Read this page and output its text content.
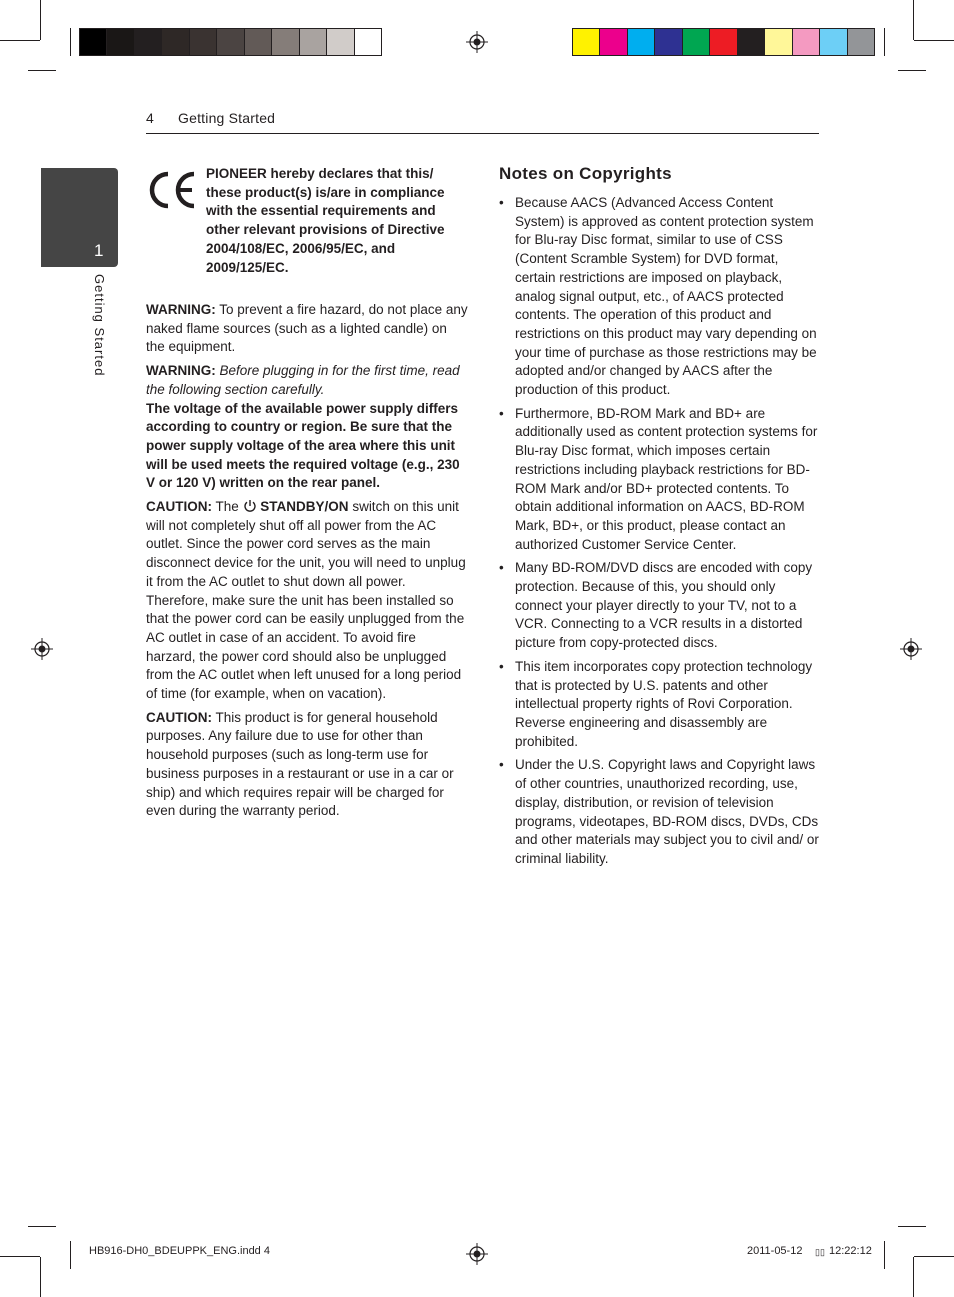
4 Getting Started
1
Getting Started
PIONEER hereby declares that this/ these product(s) is/are in compliance with the essential requirements and other relevant provisions of Directive 2004/108/EC, 2006/95/EC, and 2009/125/EC.

WARNING: To prevent a fire hazard, do not place any naked flame sources (such as a lighted candle) on the equipment.

WARNING: Before plugging in for the first time, read the following section carefully.

The voltage of the available power supply differs according to country or region. Be sure that the power supply voltage of the area where this unit will be used meets the required voltage (e.g., 230 V or 120 V) written on the rear panel.

CAUTION: The  STANDBY/ON switch on this unit will not completely shut off all power from the AC outlet. Since the power cord serves as the main disconnect device for the unit, you will need to unplug it from the AC outlet to shut down all power. Therefore, make sure the unit has been installed so that the power cord can be easily unplugged from the AC outlet in case of an accident. To avoid fire harzard, the power cord should also be unplugged from the AC outlet when left unused for a long period of time (for example, when on vacation).

CAUTION: This product is for general household purposes. Any failure due to use for other than household purposes (such as long-term use for business purposes in a restaurant or use in a car or ship) and which requires repair will be charged for even during the warranty period.

Notes on Copyrights
• Because AACS (Advanced Access Content System) is approved as content protection system for Blu-ray Disc format, similar to use of CSS (Content Scramble System) for DVD format, certain restrictions are imposed on playback, analog signal output, etc., of AACS protected contents. The operation of this product and restrictions on this product may vary depending on your time of purchase as those restrictions may be adopted and/or changed by AACS after the production of this product.
• Furthermore, BD-ROM Mark and BD+ are additionally used as content protection systems for Blu-ray Disc format, which imposes certain restrictions including playback restrictions for BD-ROM Mark and/or BD+ protected contents. To obtain additional information on AACS, BD-ROM Mark, BD+, or this product, please contact an authorized Customer Service Center.
• Many BD-ROM/DVD discs are encoded with copy protection. Because of this, you should only connect your player directly to your TV, not to a VCR. Connecting to a VCR results in a distorted picture from copy-protected discs.
• This item incorporates copy protection technology that is protected by U.S. patents and other intellectual property rights of Rovi Corporation. Reverse engineering and disassembly are prohibited.
• Under the U.S. Copyright laws and Copyright laws of other countries, unauthorized recording, use, display, distribution, or revision of television programs, videotapes, BD-ROM discs, DVDs, CDs and other materials may subject you to civil and/ or criminal liability.
HB916-DH0_BDEUPPK_ENG.indd 4	2011-05-12 ▯▯ 12:22:12
